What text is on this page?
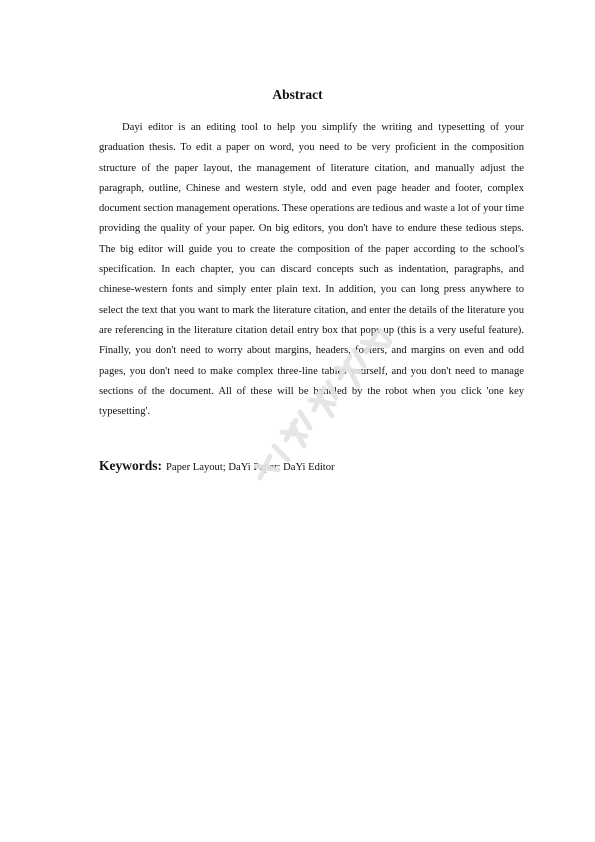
Abstract

Dayi editor is an editing tool to help you simplify the writing and typesetting of your graduation thesis. To edit a paper on word, you need to be very proficient in the composition structure of the paper layout, the management of literature citation, and manually adjust the paragraph, outline, Chinese and western style, odd and even page header and footer, complex document section management operations. These operations are tedious and waste a lot of your time providing the quality of your paper. On big editors, you don't have to endure these tedious steps. The big editor will guide you to create the composition of the paper according to the school's specification. In each chapter, you can discard concepts such as indentation, paragraphs, and chinese-western fonts and simply enter plain text. In addition, you can long press anywhere to select the text that you want to mark the literature citation, and enter the details of the literature you are referencing in the literature citation detail entry box that pops up (this is a very useful feature). Finally, you don't need to worry about margins, headers, footers, and margins on even and odd pages, you don't need to make complex three-line tables yourself, and you don't need to manage sections of the document. All of these will be handled by the robot when you click 'one key typesetting'.

Keywords: Paper Layout; DaYi Paper; DaYi Editor
